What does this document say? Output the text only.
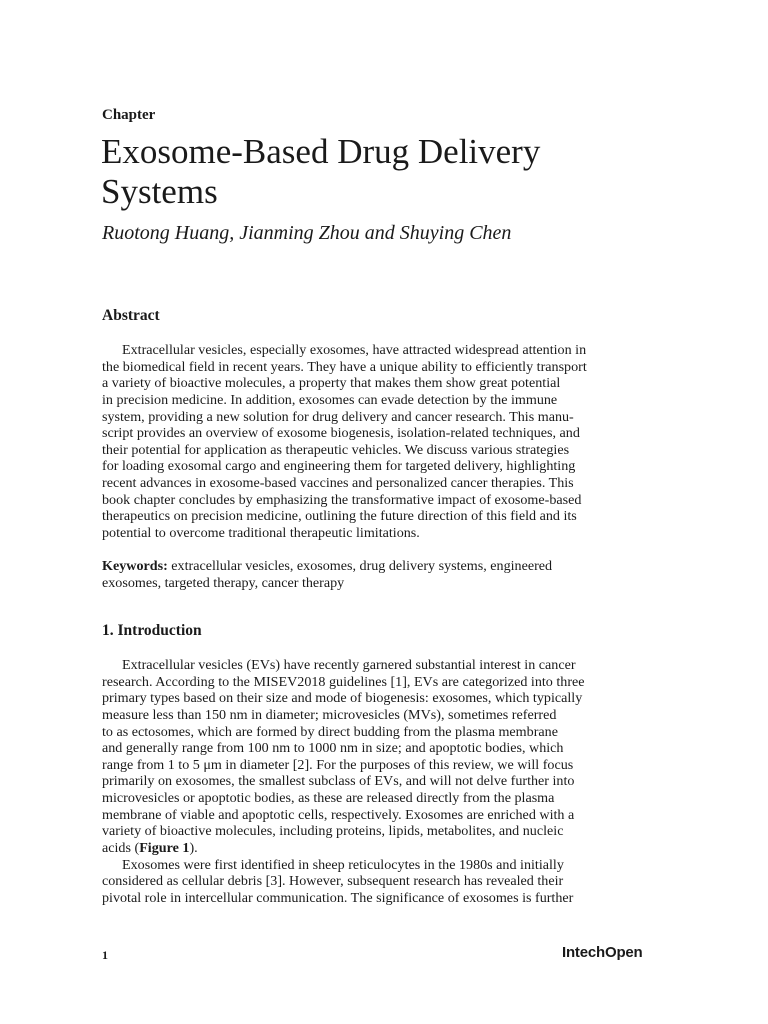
Chapter
Exosome-Based Drug Delivery
Systems
Ruotong Huang, Jianming Zhou and Shuying Chen
Abstract
Extracellular vesicles, especially exosomes, have attracted widespread attention in
the biomedical field in recent years. They have a unique ability to efficiently transport
a variety of bioactive molecules, a property that makes them show great potential
in precision medicine. In addition, exosomes can evade detection by the immune
system, providing a new solution for drug delivery and cancer research. This manu-
script provides an overview of exosome biogenesis, isolation-related techniques, and
their potential for application as therapeutic vehicles. We discuss various strategies
for loading exosomal cargo and engineering them for targeted delivery, highlighting
recent advances in exosome-based vaccines and personalized cancer therapies. This
book chapter concludes by emphasizing the transformative impact of exosome-based
therapeutics on precision medicine, outlining the future direction of this field and its
potential to overcome traditional therapeutic limitations.
Keywords: extracellular vesicles, exosomes, drug delivery systems, engineered
exosomes, targeted therapy, cancer therapy
1. Introduction
Extracellular vesicles (EVs) have recently garnered substantial interest in cancer
research. According to the MISEV2018 guidelines [1], EVs are categorized into three
primary types based on their size and mode of biogenesis: exosomes, which typically
measure less than 150 nm in diameter; microvesicles (MVs), sometimes referred
to as ectosomes, which are formed by direct budding from the plasma membrane
and generally range from 100 nm to 1000 nm in size; and apoptotic bodies, which
range from 1 to 5 μm in diameter [2]. For the purposes of this review, we will focus
primarily on exosomes, the smallest subclass of EVs, and will not delve further into
microvesicles or apoptotic bodies, as these are released directly from the plasma
membrane of viable and apoptotic cells, respectively. Exosomes are enriched with a
variety of bioactive molecules, including proteins, lipids, metabolites, and nucleic
acids (Figure 1).
Exosomes were first identified in sheep reticulocytes in the 1980s and initially
considered as cellular debris [3]. However, subsequent research has revealed their
pivotal role in intercellular communication. The significance of exosomes is further
1	IntechOpen
